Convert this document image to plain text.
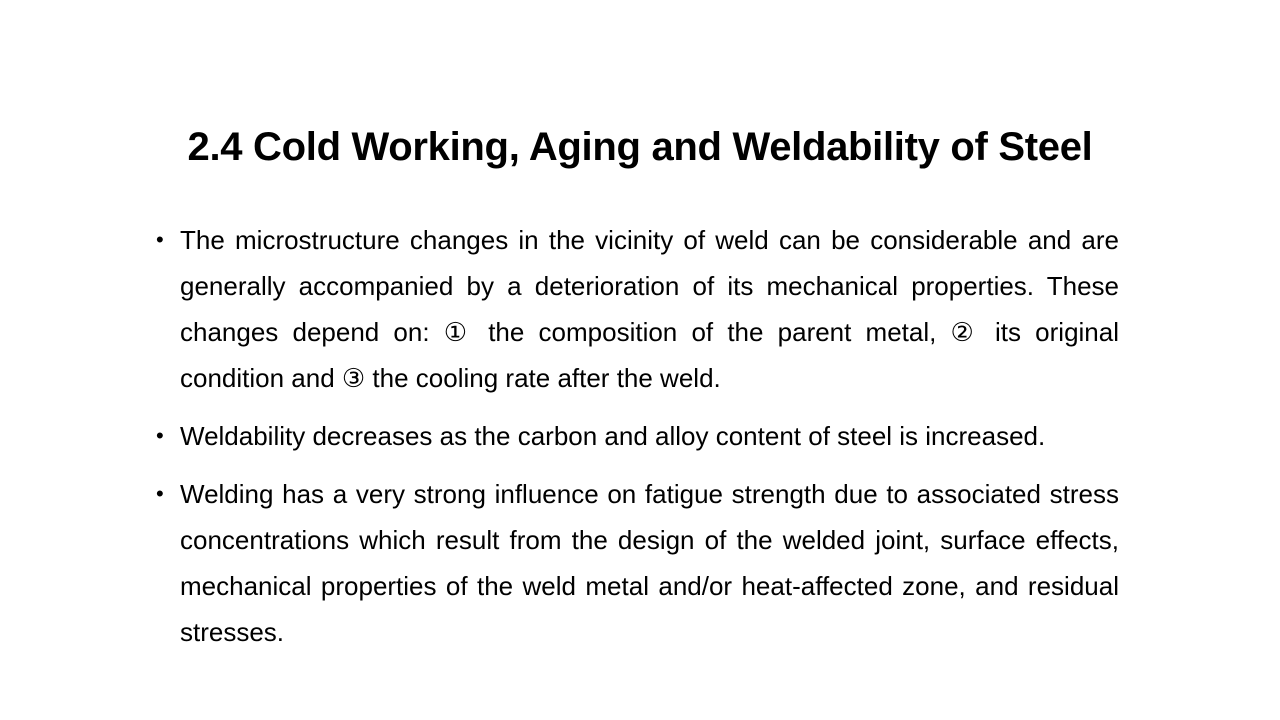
2.4 Cold Working, Aging and Weldability of Steel
• The microstructure changes in the vicinity of weld can be considerable and are generally accompanied by a deterioration of its mechanical properties. These changes depend on: ① the composition of the parent metal, ② its original condition and ③ the cooling rate after the weld.
• Weldability decreases as the carbon and alloy content of steel is increased.
• Welding has a very strong influence on fatigue strength due to associated stress concentrations which result from the design of the welded joint, surface effects, mechanical properties of the weld metal and/or heat-affected zone, and residual stresses.
